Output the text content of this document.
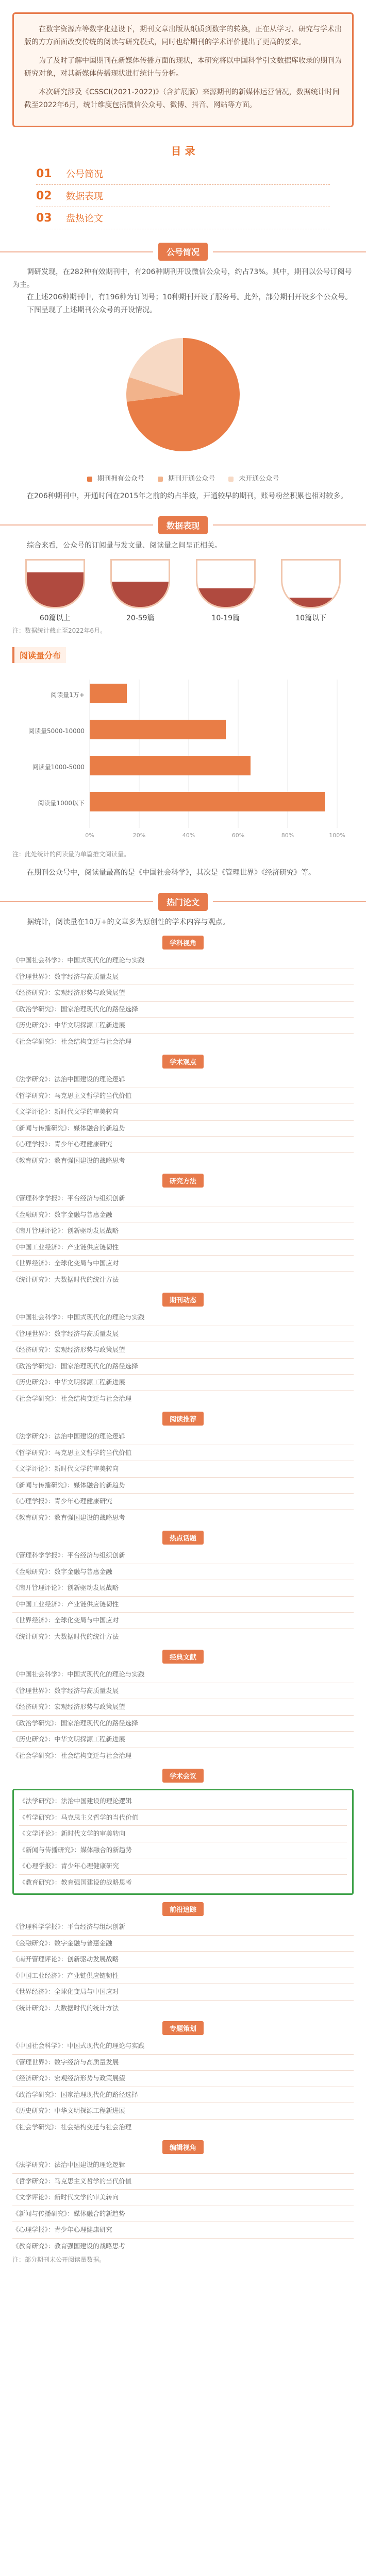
在数字资源库等数字化建设下，期刊文章出版从纸质到数字的转换，正在从学习、研究与学术出版的方方面面改变传统的阅读与研究模式，同时也给期刊的学术评价提出了更高的要求。

为了及时了解中国期刊在新媒体传播方面的现状，本研究将以中国科学引文数据库收录的期刊为研究对象，对其新媒体传播现状进行统计与分析。

本次研究涉及《CSSCI(2021-2022)》（含扩展版）来源期刊的新媒体运营情况，数据统计时间截至2022年6月，统计维度包括微信公众号、微博、抖音、网站等方面。

目 录
01	公号简况
02	数据表现
03	盘热论文
公号简况

调研发现，在282种有效期刊中，有206种期刊开设微信公众号，约占73%。其中，期刊以公号订阅号为主。

在上述206种期刊中，有196种为订阅号；10种期刊开设了服务号。此外，部分期刊开设多个公众号。

下图呈现了上述期刊公众号的开设情况。

期刊拥有公众号	期刊开通公众号	未开通公众号

在206种期刊中，开通时间在2015年之前的约占半数，开通较早的期刊，账号粉丝积累也相对较多。

数据表现

综合来看，公众号的订阅量与发文量、阅读量之间呈正相关。

60篇以上	20-59篇	10-19篇	10篇以下
注：数据统计截止至2022年6月。
阅读量分布
阅读量1万+
阅读量5000-10000
阅读量1000-5000
阅读量1000以下
0%	20%	40%	60%	80%	100%
注：此处统计的阅读量为单篇推文阅读量。

在期刊公众号中，阅读量最高的是《中国社会科学》，其次是《管理世界》《经济研究》等。

热门论文

据统计，阅读量在10万+的文章多为原创性的学术内容与观点。

学科视角
《中国社会科学》：中国式现代化的理论与实践
《管理世界》：数字经济与高质量发展
《经济研究》：宏观经济形势与政策展望
《政治学研究》：国家治理现代化的路径选择
《历史研究》：中华文明探源工程新进展
《社会学研究》：社会结构变迁与社会治理
学术观点
《法学研究》：法治中国建设的理论逻辑
《哲学研究》：马克思主义哲学的当代价值
《文学评论》：新时代文学的审美转向
《新闻与传播研究》：媒体融合的新趋势
《心理学报》：青少年心理健康研究
《教育研究》：教育强国建设的战略思考
研究方法
《管理科学学报》：平台经济与组织创新
《金融研究》：数字金融与普惠金融
《南开管理评论》：创新驱动发展战略
《中国工业经济》：产业链供应链韧性
《世界经济》：全球化变局与中国应对
《统计研究》：大数据时代的统计方法
期刊动态
《中国社会科学》：中国式现代化的理论与实践
《管理世界》：数字经济与高质量发展
《经济研究》：宏观经济形势与政策展望
《政治学研究》：国家治理现代化的路径选择
《历史研究》：中华文明探源工程新进展
《社会学研究》：社会结构变迁与社会治理
阅读推荐
《法学研究》：法治中国建设的理论逻辑
《哲学研究》：马克思主义哲学的当代价值
《文学评论》：新时代文学的审美转向
《新闻与传播研究》：媒体融合的新趋势
《心理学报》：青少年心理健康研究
《教育研究》：教育强国建设的战略思考
热点话题
《管理科学学报》：平台经济与组织创新
《金融研究》：数字金融与普惠金融
《南开管理评论》：创新驱动发展战略
《中国工业经济》：产业链供应链韧性
《世界经济》：全球化变局与中国应对
《统计研究》：大数据时代的统计方法
经典文献
《中国社会科学》：中国式现代化的理论与实践
《管理世界》：数字经济与高质量发展
《经济研究》：宏观经济形势与政策展望
《政治学研究》：国家治理现代化的路径选择
《历史研究》：中华文明探源工程新进展
《社会学研究》：社会结构变迁与社会治理
学术会议
《法学研究》：法治中国建设的理论逻辑
《哲学研究》：马克思主义哲学的当代价值
《文学评论》：新时代文学的审美转向
《新闻与传播研究》：媒体融合的新趋势
《心理学报》：青少年心理健康研究
《教育研究》：教育强国建设的战略思考
前沿追踪
《管理科学学报》：平台经济与组织创新
《金融研究》：数字金融与普惠金融
《南开管理评论》：创新驱动发展战略
《中国工业经济》：产业链供应链韧性
《世界经济》：全球化变局与中国应对
《统计研究》：大数据时代的统计方法
专题策划
《中国社会科学》：中国式现代化的理论与实践
《管理世界》：数字经济与高质量发展
《经济研究》：宏观经济形势与政策展望
《政治学研究》：国家治理现代化的路径选择
《历史研究》：中华文明探源工程新进展
《社会学研究》：社会结构变迁与社会治理
编辑视角
《法学研究》：法治中国建设的理论逻辑
《哲学研究》：马克思主义哲学的当代价值
《文学评论》：新时代文学的审美转向
《新闻与传播研究》：媒体融合的新趋势
《心理学报》：青少年心理健康研究
《教育研究》：教育强国建设的战略思考
注：部分期刊未公开阅读量数据。
